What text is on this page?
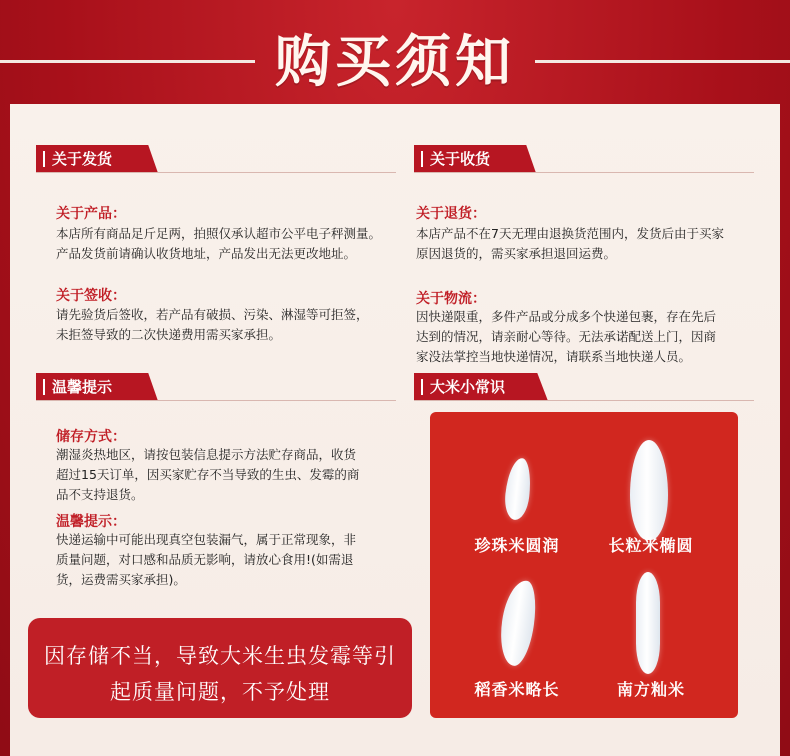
购买须知
关于发货
关于产品：
本店所有商品足斤足两，拍照仅承认超市公平电子秤测量。
产品发货前请确认收货地址，产品发出无法更改地址。
关于签收：
请先验货后签收，若产品有破损、污染、淋湿等可拒签，
未拒签导致的二次快递费用需买家承担。
关于收货
关于退货：
本店产品不在7天无理由退换货范围内，发货后由于买家
原因退货的，需买家承担退回运费。
关于物流：
因快递限重，多件产品或分成多个快递包裹，存在先后
达到的情况，请亲耐心等待。无法承诺配送上门，因商
家没法掌控当地快递情况，请联系当地快递人员。
温馨提示
储存方式：
潮湿炎热地区，请按包装信息提示方法贮存商品，收货
超过15天订单，因买家贮存不当导致的生虫、发霉的商
品不支持退货。
温馨提示：
快递运输中可能出现真空包装漏气，属于正常现象，非
质量问题，对口感和品质无影响，请放心食用!(如需退
货，运费需买家承担)。
大米小常识
珍珠米圆润	长粒米椭圆
稻香米略长	南方籼米
因存储不当，导致大米生虫发霉等引
起质量问题，不予处理
